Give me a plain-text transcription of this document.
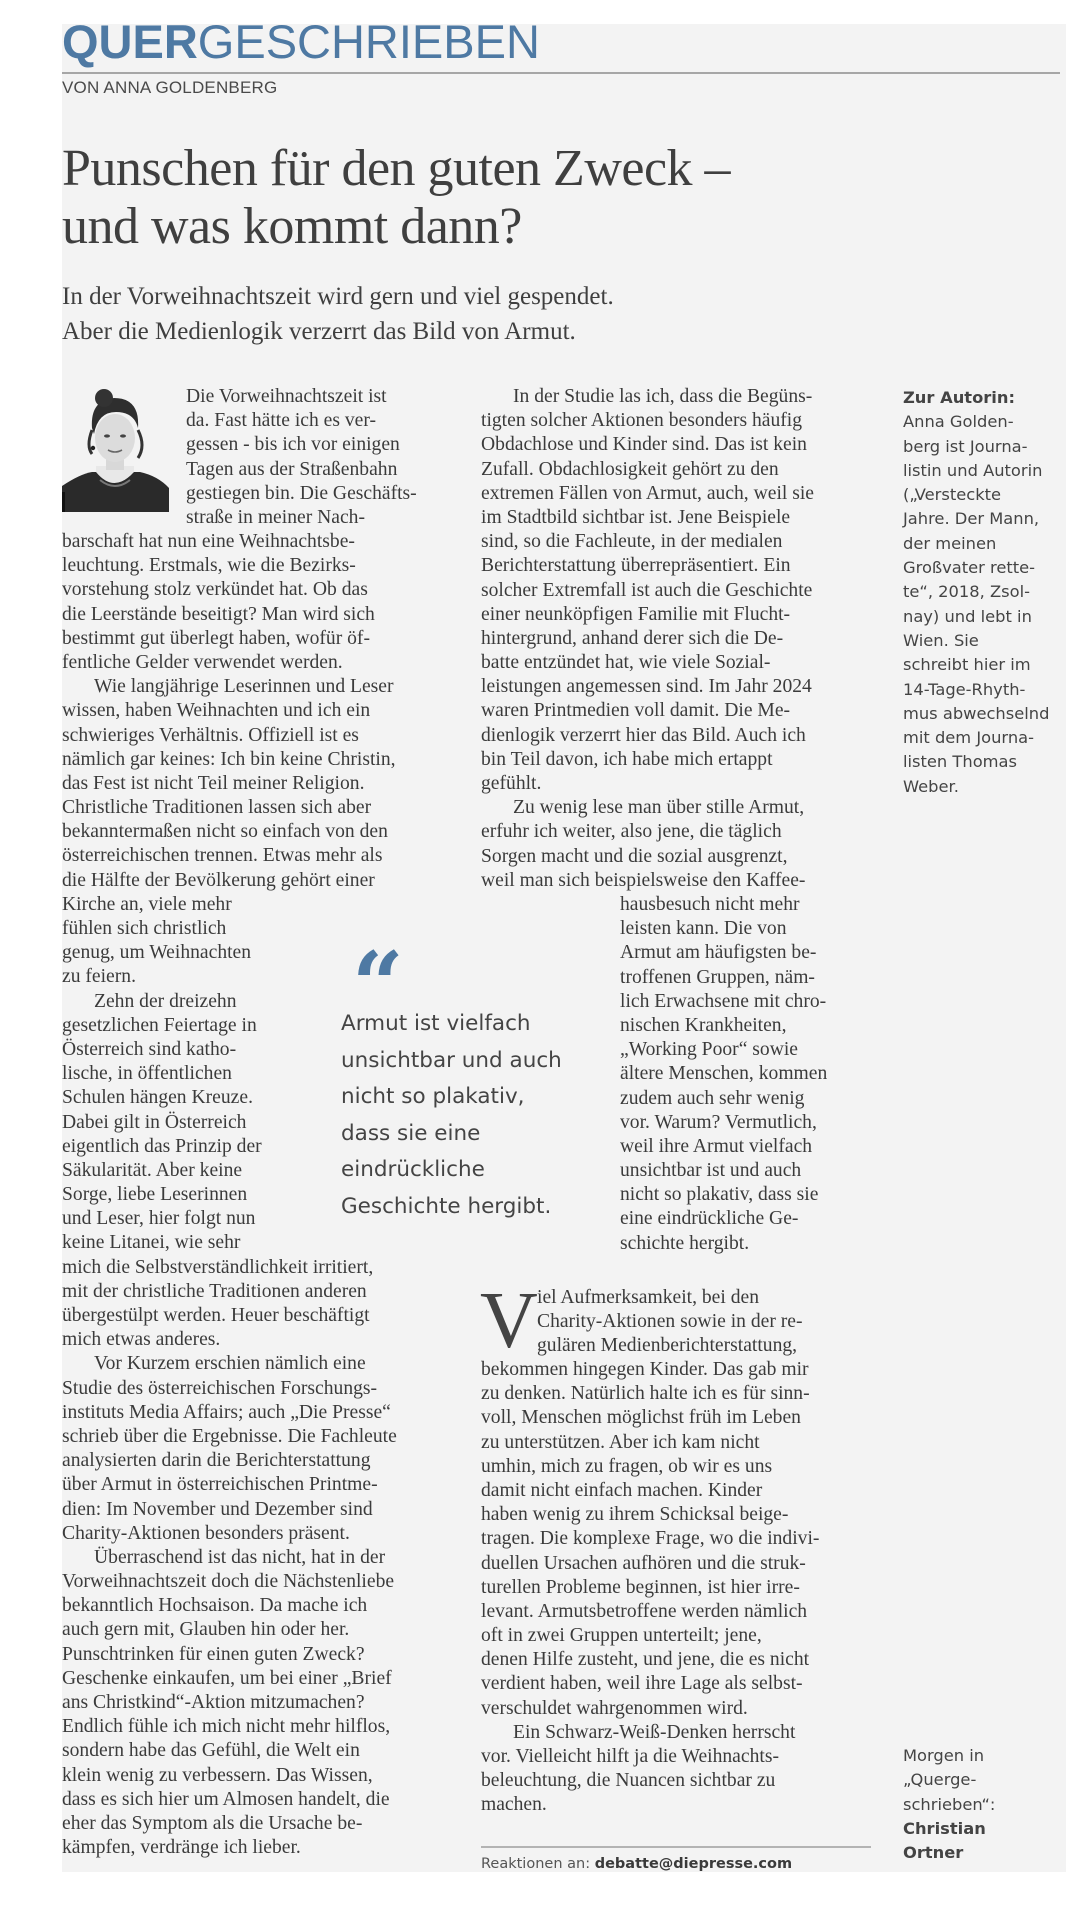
QUERGESCHRIEBEN
VON ANNA GOLDENBERG
Punschen für den guten Zweck –
und was kommt dann?
In der Vorweihnachtszeit wird gern und viel gespendet.
Aber die Medienlogik verzerrt das Bild von Armut.
Die Vorweihnachtszeit ist
da. Fast hätte ich es ver-
gessen - bis ich vor einigen
Tagen aus der Straßenbahn
gestiegen bin. Die Geschäfts-
straße in meiner Nach-
barschaft hat nun eine Weihnachtsbe-
leuchtung. Erstmals, wie die Bezirks-
vorstehung stolz verkündet hat. Ob das
die Leerstände beseitigt? Man wird sich
bestimmt gut überlegt haben, wofür öf-
fentliche Gelder verwendet werden.
Wie langjährige Leserinnen und Leser
wissen, haben Weihnachten und ich ein
schwieriges Verhältnis. Offiziell ist es
nämlich gar keines: Ich bin keine Christin,
das Fest ist nicht Teil meiner Religion.
Christliche Traditionen lassen sich aber
bekanntermaßen nicht so einfach von den
österreichischen trennen. Etwas mehr als
die Hälfte der Bevölkerung gehört einer
Kirche an, viele mehr
fühlen sich christlich
genug, um Weihnachten
zu feiern.
Zehn der dreizehn
gesetzlichen Feiertage in
Österreich sind katho-
lische, in öffentlichen
Schulen hängen Kreuze.
Dabei gilt in Österreich
eigentlich das Prinzip der
Säkularität. Aber keine
Sorge, liebe Leserinnen
und Leser, hier folgt nun
keine Litanei, wie sehr
mich die Selbstverständlichkeit irritiert,
mit der christliche Traditionen anderen
übergestülpt werden. Heuer beschäftigt
mich etwas anderes.
Vor Kurzem erschien nämlich eine
Studie des österreichischen Forschungs-
instituts Media Affairs; auch „Die Presse“
schrieb über die Ergebnisse. Die Fachleute
analysierten darin die Berichterstattung
über Armut in österreichischen Printme-
dien: Im November und Dezember sind
Charity-Aktionen besonders präsent.
Überraschend ist das nicht, hat in der
Vorweihnachtszeit doch die Nächstenliebe
bekanntlich Hochsaison. Da mache ich
auch gern mit, Glauben hin oder her.
Punschtrinken für einen guten Zweck?
Geschenke einkaufen, um bei einer „Brief
ans Christkind“-Aktion mitzumachen?
Endlich fühle ich mich nicht mehr hilflos,
sondern habe das Gefühl, die Welt ein
klein wenig zu verbessern. Das Wissen,
dass es sich hier um Almosen handelt, die
eher das Symptom als die Ursache be-
kämpfen, verdränge ich lieber.
In der Studie las ich, dass die Begüns-
tigten solcher Aktionen besonders häufig
Obdachlose und Kinder sind. Das ist kein
Zufall. Obdachlosigkeit gehört zu den
extremen Fällen von Armut, auch, weil sie
im Stadtbild sichtbar ist. Jene Beispiele
sind, so die Fachleute, in der medialen
Berichterstattung überrepräsentiert. Ein
solcher Extremfall ist auch die Geschichte
einer neunköpfigen Familie mit Flucht-
hintergrund, anhand derer sich die De-
batte entzündet hat, wie viele Sozial-
leistungen angemessen sind. Im Jahr 2024
waren Printmedien voll damit. Die Me-
dienlogik verzerrt hier das Bild. Auch ich
bin Teil davon, ich habe mich ertappt
gefühlt.
Zu wenig lese man über stille Armut,
erfuhr ich weiter, also jene, die täglich
Sorgen macht und die sozial ausgrenzt,
weil man sich beispielsweise den Kaffee-
hausbesuch nicht mehr
leisten kann. Die von
Armut am häufigsten be-
troffenen Gruppen, näm-
lich Erwachsene mit chro-
nischen Krankheiten,
„Working Poor“ sowie
ältere Menschen, kommen
zudem auch sehr wenig
vor. Warum? Vermutlich,
weil ihre Armut vielfach
unsichtbar ist und auch
nicht so plakativ, dass sie
eine eindrückliche Ge-
schichte hergibt.
V iel Aufmerksamkeit, bei den
Charity-Aktionen sowie in der re-
gulären Medienberichterstattung,
bekommen hingegen Kinder. Das gab mir
zu denken. Natürlich halte ich es für sinn-
voll, Menschen möglichst früh im Leben
zu unterstützen. Aber ich kam nicht
umhin, mich zu fragen, ob wir es uns
damit nicht einfach machen. Kinder
haben wenig zu ihrem Schicksal beige-
tragen. Die komplexe Frage, wo die indivi-
duellen Ursachen aufhören und die struk-
turellen Probleme beginnen, ist hier irre-
levant. Armutsbetroffene werden nämlich
oft in zwei Gruppen unterteilt; jene,
denen Hilfe zusteht, und jene, die es nicht
verdient haben, weil ihre Lage als selbst-
verschuldet wahrgenommen wird.
Ein Schwarz-Weiß-Denken herrscht
vor. Vielleicht hilft ja die Weihnachts-
beleuchtung, die Nuancen sichtbar zu
machen.
“
Armut ist vielfach
unsichtbar und auch
nicht so plakativ,
dass sie eine
eindrückliche
Geschichte hergibt.
Zur Autorin:
Anna Golden-
berg ist Journa-
listin und Autorin
(„Versteckte
Jahre. Der Mann,
der meinen
Großvater rette-
te“, 2018, Zsol-
nay) und lebt in
Wien. Sie
schreibt hier im
14-Tage-Rhyth-
mus abwechselnd
mit dem Journa-
listen Thomas
Weber.
Morgen in
„Querge-
schrieben“:
Christian
Ortner
Reaktionen an: debatte@diepresse.com
